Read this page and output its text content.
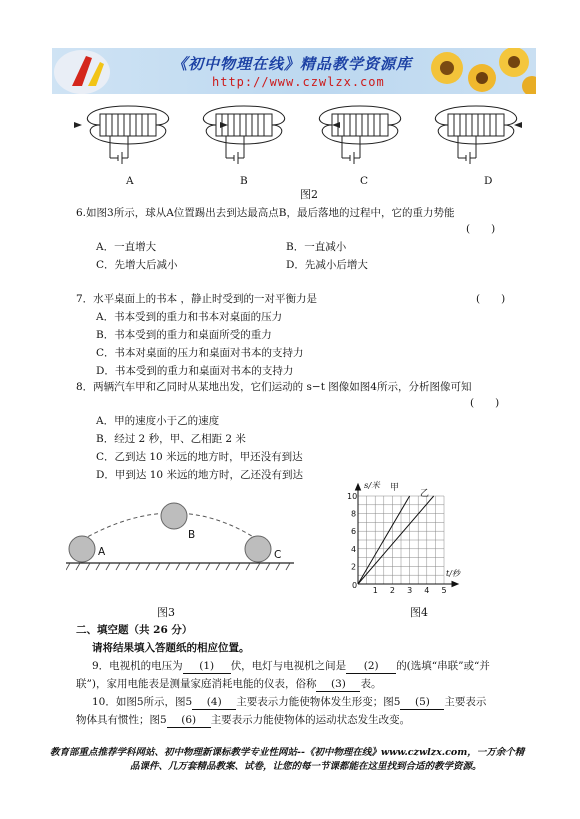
《初中物理在线》精品教学资源库
http://www.czwlzx.com
A	B	C	D
图2
6.如图3所示，球从A位置踢出去到达最高点B，最后落地的过程中，它的重力势能
(　　)
A．一直增大	B．一直减小
C．先增大后减小	D．先减小后增大
7．水平桌面上的书本 ，静止时受到的一对平衡力是	(　　)
A．书本受到的重力和书本对桌面的压力
B．书本受到的重力和桌面所受的重力
C．书本对桌面的压力和桌面对书本的支持力
D．书本受到的重力和桌面对书本的支持力
8．两辆汽车甲和乙同时从某地出发，它们运动的 s−t 图像如图4所示，分析图像可知
(　　)
A．甲的速度小于乙的速度
B．经过 2 秒，甲、乙相距 2 米
C．乙到达 10 米远的地方时，甲还没有到达
D．甲到达 10 米远的地方时，乙还没有到达
A
B
C
图3
1 2 3 4 5
2
4
6
8
10
s/米
t/秒
0
甲
乙
图4
二、填空题（共 26 分）
请将结果填入答题纸的相应位置。
9．电视机的电压为 (1) 伏，电灯与电视机之间是 (2) 的(选填“串联”或“并
联”)，家用电能表是测量家庭消耗电能的仪表，俗称 (3) 表。
10．如图5所示，图5 (4) 主要表示力能使物体发生形变；图5 (5) 主要表示
物体具有惯性；图5 (6) 主要表示力能使物体的运动状态发生改变。
教育部重点推荐学科网站、初中物理新课标教学专业性网站--《初中物理在线》www.czwlzx.com，一万余个精
品课件、几万套精品教案、试卷，让您的每一节课都能在这里找到合适的教学资源。
